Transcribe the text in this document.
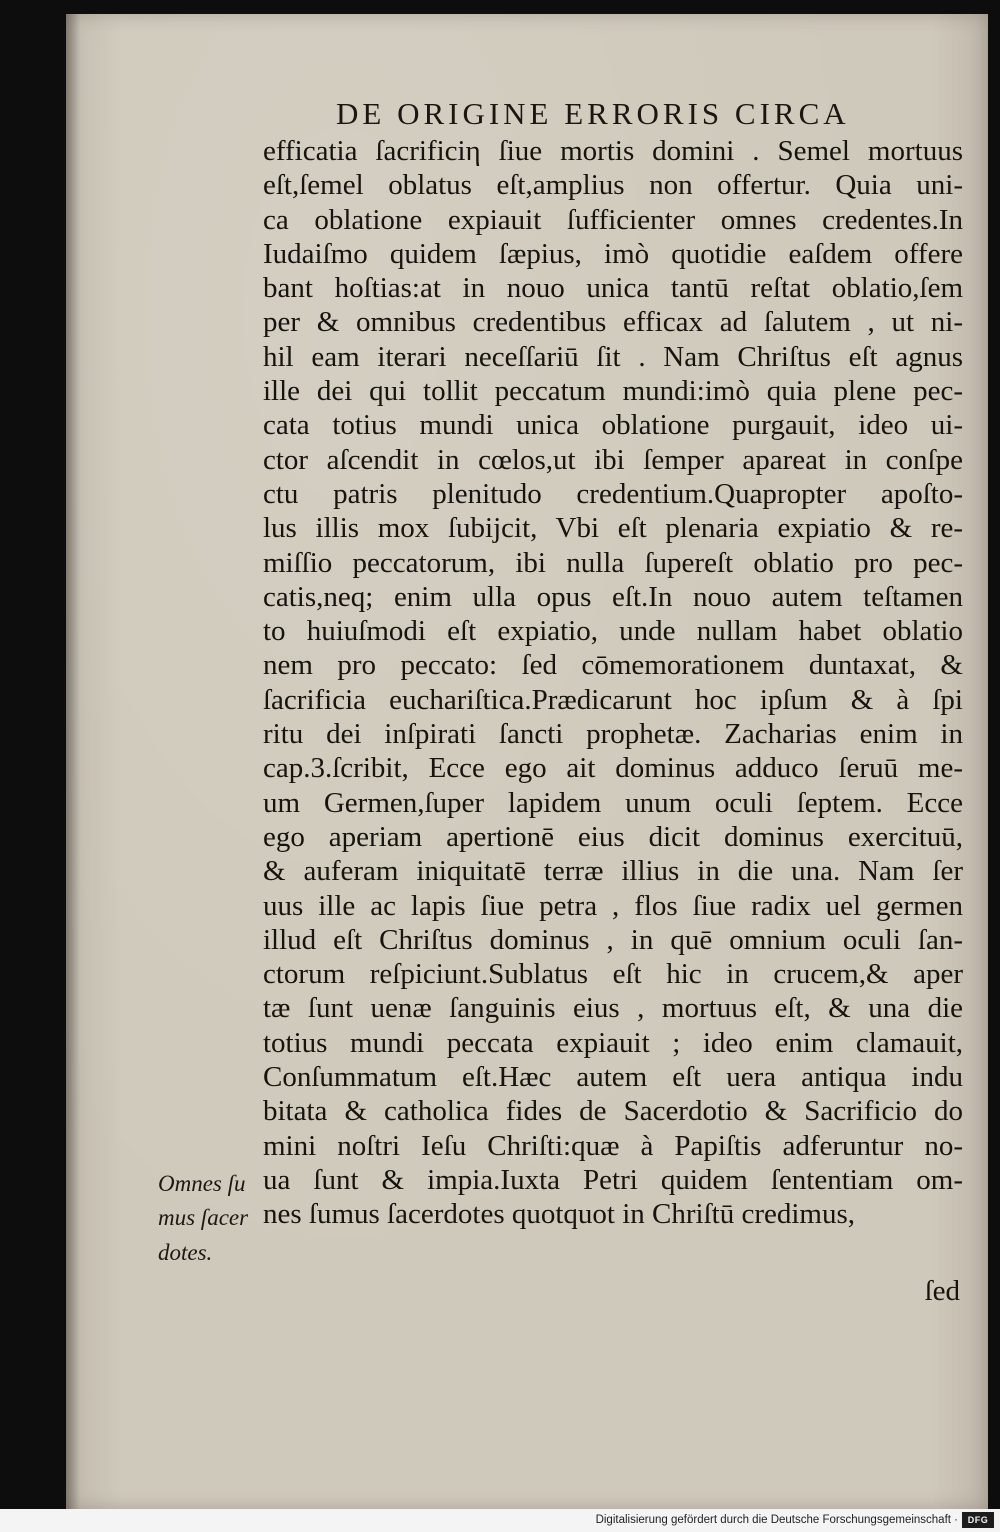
DE ORIGINE ERRORIS CIRCA
efficatia ſacrificiη ſiue mortis domini . Semel mortuus
eſt,ſemel oblatus eſt,amplius non offertur. Quia uni-
ca oblatione expiauit ſufficienter omnes credentes.In
Iudaiſmo quidem ſæpius, imò quotidie eaſdem offere
bant hoſtias:at in nouo unica tantū reſtat oblatio,ſem
per & omnibus credentibus efficax ad ſalutem , ut ni-
hil eam iterari neceſſariū ſit . Nam Chriſtus eſt agnus
ille dei qui tollit peccatum mundi:imò quia plene pec-
cata totius mundi unica oblatione purgauit, ideo ui-
ctor aſcendit in cœlos,ut ibi ſemper apareat in conſpe
ctu patris plenitudo credentium.Quapropter apoſto-
lus illis mox ſubijcit, Vbi eſt plenaria expiatio & re-
miſſio peccatorum, ibi nulla ſupereſt oblatio pro pec-
catis,neq; enim ulla opus eſt.In nouo autem teſtamen
to huiuſmodi eſt expiatio, unde nullam habet oblatio
nem pro peccato: ſed cōmemorationem duntaxat, &
ſacrificia euchariſtica.Prædicarunt hoc ipſum & à ſpi
ritu dei inſpirati ſancti prophetæ. Zacharias enim in
cap.3.ſcribit, Ecce ego ait dominus adduco ſeruū me-
um Germen,ſuper lapidem unum oculi ſeptem. Ecce
ego aperiam apertionē eius dicit dominus exercituū,
& auferam iniquitatē terræ illius in die una. Nam ſer
uus ille ac lapis ſiue petra , flos ſiue radix uel germen
illud eſt Chriſtus dominus , in quē omnium oculi ſan-
ctorum reſpiciunt.Sublatus eſt hic in crucem,& aper
tæ ſunt uenæ ſanguinis eius , mortuus eſt, & una die
totius mundi peccata expiauit ; ideo enim clamauit,
Conſummatum eſt.Hæc autem eſt uera antiqua indu
bitata & catholica fides de Sacerdotio & Sacrificio do
mini noſtri Ieſu Chriſti:quæ à Papiſtis adferuntur no-
ua ſunt & impia.Iuxta Petri quidem ſententiam om-
nes ſumus ſacerdotes quotquot in Chriſtū credimus,
Omnes ſu
mus ſacer
dotes.
ſed
Digitalisierung gefördert durch die Deutsche Forschungsgemeinschaft ·	DFG
